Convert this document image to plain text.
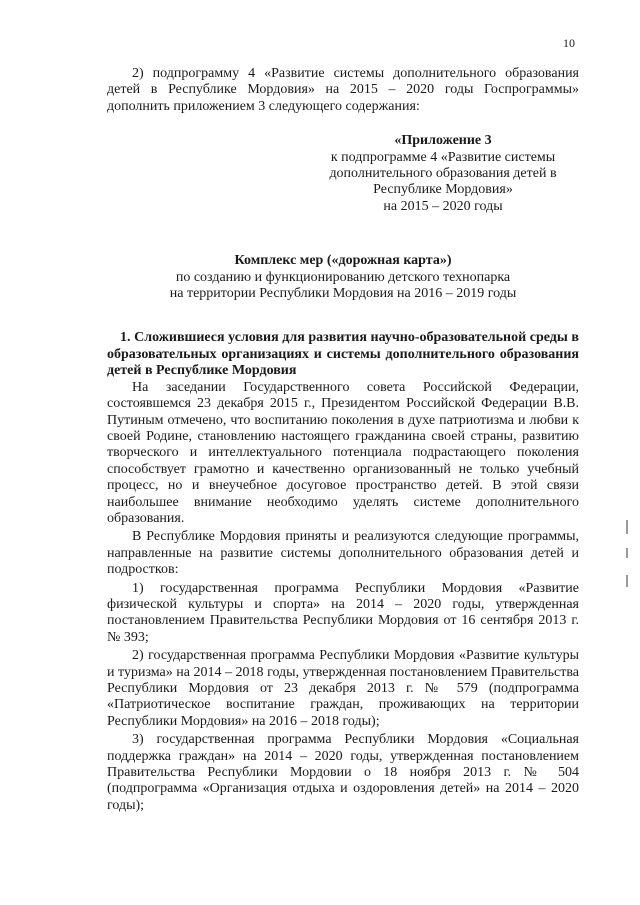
10

2) подпрограмму 4 «Развитие системы дополнительного образования детей в Республике Мордовия» на 2015 – 2020 годы Госпрограммы» дополнить приложением 3 следующего содержания:

«Приложение 3
к подпрограмме 4 «Развитие системы
дополнительного образования детей в
Республике Мордовия»
на 2015 – 2020 годы
Комплекс мер («дорожная карта»)
по созданию и функционированию детского технопарка
на территории Республики Мордовия на 2016 – 2019 годы

1. Сложившиеся условия для развития научно-образовательной среды в образовательных организациях и системы дополнительного образования детей в Республике Мордовия

На заседании Государственного совета Российской Федерации, состоявшемся 23 декабря 2015 г., Президентом Российской Федерации В.В. Путиным отмечено, что воспитанию поколения в духе патриотизма и любви к своей Родине, становлению настоящего гражданина своей страны, развитию творческого и интеллектуального потенциала подрастающего поколения способствует грамотно и качественно организованный не только учебный процесс, но и внеучебное досуговое пространство детей. В этой связи наибольшее внимание необходимо уделять системе дополнительного образования.

В Республике Мордовия приняты и реализуются следующие программы, направленные на развитие системы дополнительного образования детей и подростков:

1) государственная программа Республики Мордовия «Развитие физической культуры и спорта» на 2014 – 2020 годы, утвержденная постановлением Правительства Республики Мордовия от 16 сентября 2013 г. № 393;

2) государственная программа Республики Мордовия «Развитие культуры и туризма» на 2014 – 2018 годы, утвержденная постановлением Правительства Республики Мордовия от 23 декабря 2013 г. № 579 (подпрограмма «Патриотическое воспитание граждан, проживающих на территории Республики Мордовия» на 2016 – 2018 годы);

3) государственная программа Республики Мордовия «Социальная поддержка граждан» на 2014 – 2020 годы, утвержденная постановлением Правительства Республики Мордовии о 18 ноября 2013 г. № 504 (подпрограмма «Организация отдыха и оздоровления детей» на 2014 – 2020 годы);
